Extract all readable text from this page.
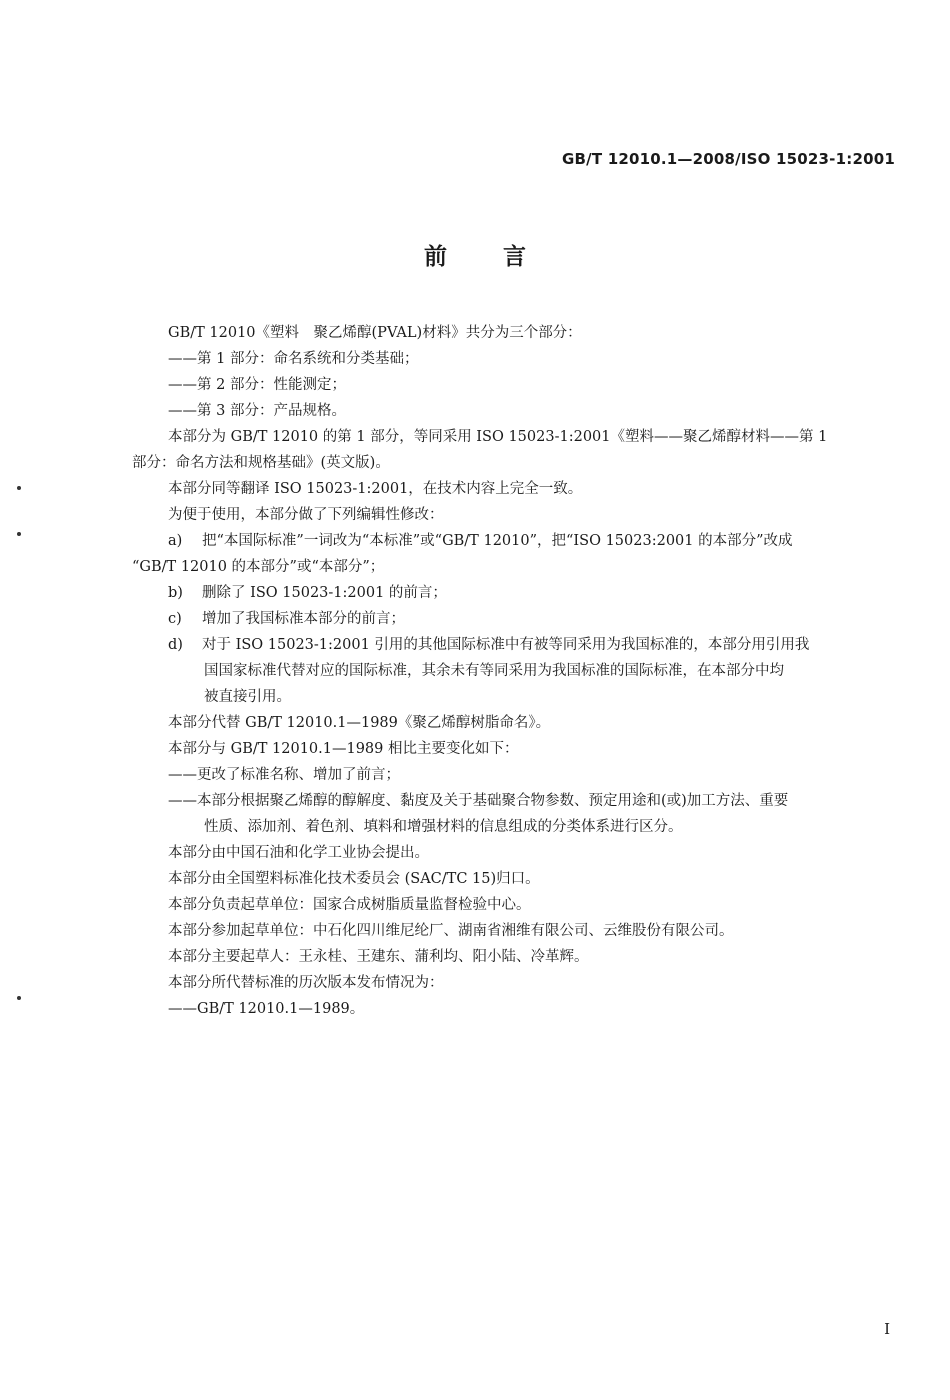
GB/T 12010.1—2008/ISO 15023-1:2001
前言
GB/T 12010《塑料　聚乙烯醇(PVAL)材料》共分为三个部分：
——第 1 部分：命名系统和分类基础；
——第 2 部分：性能测定；
——第 3 部分：产品规格。
本部分为 GB/T 12010 的第 1 部分，等同采用 ISO 15023-1:2001《塑料——聚乙烯醇材料——第 1
部分：命名方法和规格基础》(英文版)。
本部分同等翻译 ISO 15023-1:2001，在技术内容上完全一致。
为便于使用，本部分做了下列编辑性修改：
a)	把“本国际标准”一词改为“本标准”或“GB/T 12010”，把“ISO 15023:2001 的本部分”改成
“GB/T 12010 的本部分”或“本部分”；
b)	删除了 ISO 15023-1:2001 的前言；
c)	增加了我国标准本部分的前言；
d)	对于 ISO 15023-1:2001 引用的其他国际标准中有被等同采用为我国标准的，本部分用引用我
国国家标准代替对应的国际标准，其余未有等同采用为我国标准的国际标准，在本部分中均
被直接引用。
本部分代替 GB/T 12010.1—1989《聚乙烯醇树脂命名》。
本部分与 GB/T 12010.1—1989 相比主要变化如下：
——更改了标准名称、增加了前言；
——本部分根据聚乙烯醇的醇解度、黏度及关于基础聚合物参数、预定用途和(或)加工方法、重要
性质、添加剂、着色剂、填料和增强材料的信息组成的分类体系进行区分。
本部分由中国石油和化学工业协会提出。
本部分由全国塑料标准化技术委员会 (SAC/TC 15)归口。
本部分负责起草单位：国家合成树脂质量监督检验中心。
本部分参加起草单位：中石化四川维尼纶厂、湖南省湘维有限公司、云维股份有限公司。
本部分主要起草人：王永桂、王建东、蒲利均、阳小陆、冷革辉。
本部分所代替标准的历次版本发布情况为：
——GB/T 12010.1—1989。
I
